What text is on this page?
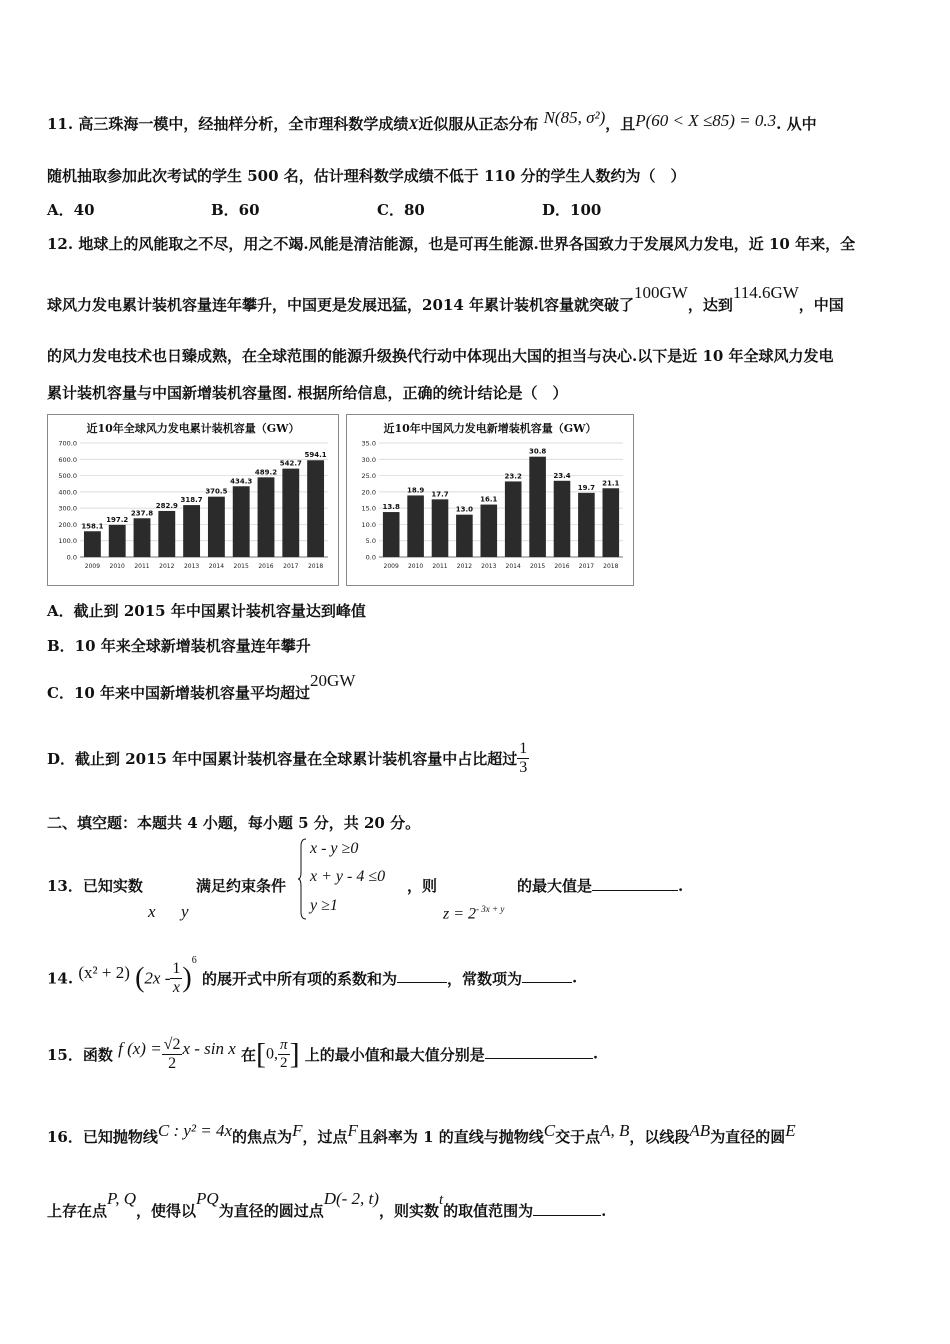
11. 高三珠海一模中，经抽样分析，全市理科数学成绩X近似服从正态分布 N(85, σ²)，且P(60 < X ≤85) = 0.3. 从中
随机抽取参加此次考试的学生 500 名，估计理科数学成绩不低于 110 分的学生人数约为（　）
A．40	B．60	C．80	D．100
12. 地球上的风能取之不尽，用之不竭.风能是清洁能源，也是可再生能源.世界各国致力于发展风力发电，近 10 年来，全
球风力发电累计装机容量连年攀升，中国更是发展迅猛，2014 年累计装机容量就突破了100GW，达到114.6GW，中国
的风力发电技术也日臻成熟，在全球范围的能源升级换代行动中体现出大国的担当与决心.以下是近 10 年全球风力发电
累计装机容量与中国新增装机容量图. 根据所给信息，正确的统计结论是（　）
近10年全球风力发电累计装机容量（GW）
0.0
100.0
200.0
300.0
400.0
500.0
600.0
700.0
158.1
2009
197.2
2010
237.8
2011
282.9
2012
318.7
2013
370.5
2014
434.3
2015
489.2
2016
542.7
2017
594.1
2018
近10年中国风力发电新增装机容量（GW）
0.0
5.0
10.0
15.0
20.0
25.0
30.0
35.0
13.8
2009
18.9
2010
17.7
2011
13.0
2012
16.1
2013
23.2
2014
30.8
2015
23.4
2016
19.7
2017
21.1
2018
A．截止到 2015 年中国累计装机容量达到峰值
B．10 年来全球新增装机容量连年攀升
C．10 年来中国新增装机容量平均超过20GW
D．截止到 2015 年中国累计装机容量在全球累计装机容量中占比超过 $\frac{1}{3}$
二、填空题：本题共 4 小题，每小题 5 分，共 20 分。
13．已知实数	满足约束条件
x y
x - y ≥0
x + y - 4 ≤0
y ≥1
，则
$z = 2^{- 3x + y}$
的最大值是	.
14. (x² + 2) $(2x - \frac{1}{x} )^6$ 的展开式中所有项的系数和为	，常数项为	.
15．函数 f $(x) = \frac{√2}{2}$ x - sin x 在[0, $\frac{\pi}{2}$ ] 上的最小值和最大值分别是	.
16．已知抛物线C : y² = 4x的焦点为F，过点F且斜率为 1 的直线与抛物线C交于点A, B，以线段AB为直径的圆E
上存在点P, Q，使得以PQ为直径的圆过点D(- 2, t)，则实数t的取值范围为	.
